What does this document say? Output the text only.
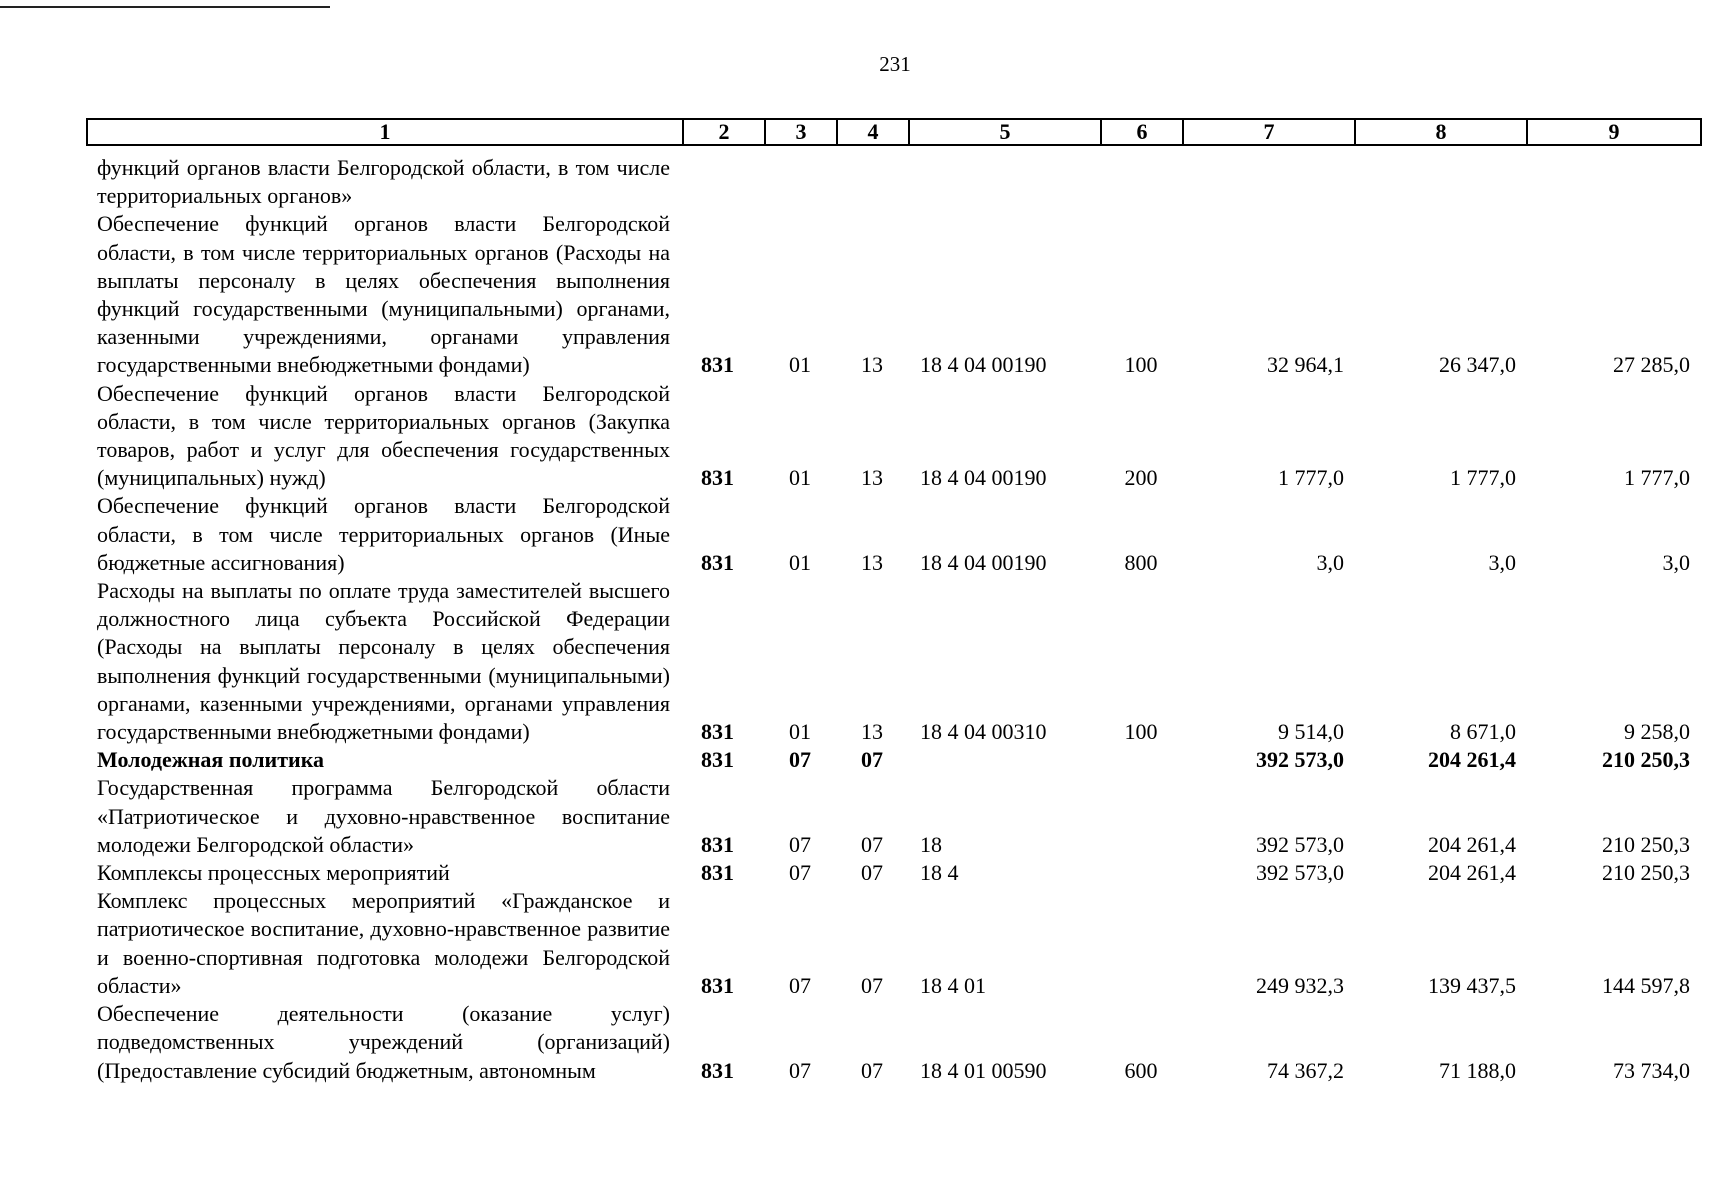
231
1	2	3	4	5	6	7	8	9
функций органов власти Белгородской области, в том числе территориальных органов»								
Обеспечение функций органов власти Белгородской области, в том числе территориальных органов (Расходы на выплаты персоналу в целях обеспечения выполнения функций государственными (муниципальными) органами, казенными учреждениями, органами управления государственными внебюджетными фондами)	831	01	13	18 4 04 00190	100	32 964,1	26 347,0	27 285,0
Обеспечение функций органов власти Белгородской области, в том числе территориальных органов (Закупка товаров, работ и услуг для обеспечения государственных (муниципальных) нужд)	831	01	13	18 4 04 00190	200	1 777,0	1 777,0	1 777,0
Обеспечение функций органов власти Белгородской области, в том числе территориальных органов (Иные бюджетные ассигнования)	831	01	13	18 4 04 00190	800	3,0	3,0	3,0
Расходы на выплаты по оплате труда заместителей высшего должностного лица субъекта Российской Федерации (Расходы на выплаты персоналу в целях обеспечения выполнения функций государственными (муниципальными) органами, казенными учреждениями, органами управления государственными внебюджетными фондами)	831	01	13	18 4 04 00310	100	9 514,0	8 671,0	9 258,0
Молодежная политика	831	07	07			392 573,0	204 261,4	210 250,3
Государственная программа Белгородской области «Патриотическое и духовно-нравственное воспитание молодежи Белгородской области»	831	07	07	18		392 573,0	204 261,4	210 250,3
Комплексы процессных мероприятий	831	07	07	18 4		392 573,0	204 261,4	210 250,3
Комплекс процессных мероприятий «Гражданское и патриотическое воспитание, духовно-нравственное развитие и военно-спортивная подготовка молодежи Белгородской области»	831	07	07	18 4 01		249 932,3	139 437,5	144 597,8
Обеспечение деятельности (оказание услуг) подведомственных учреждений (организаций) (Предоставление субсидий бюджетным, автономным	831	07	07	18 4 01 00590	600	74 367,2	71 188,0	73 734,0
